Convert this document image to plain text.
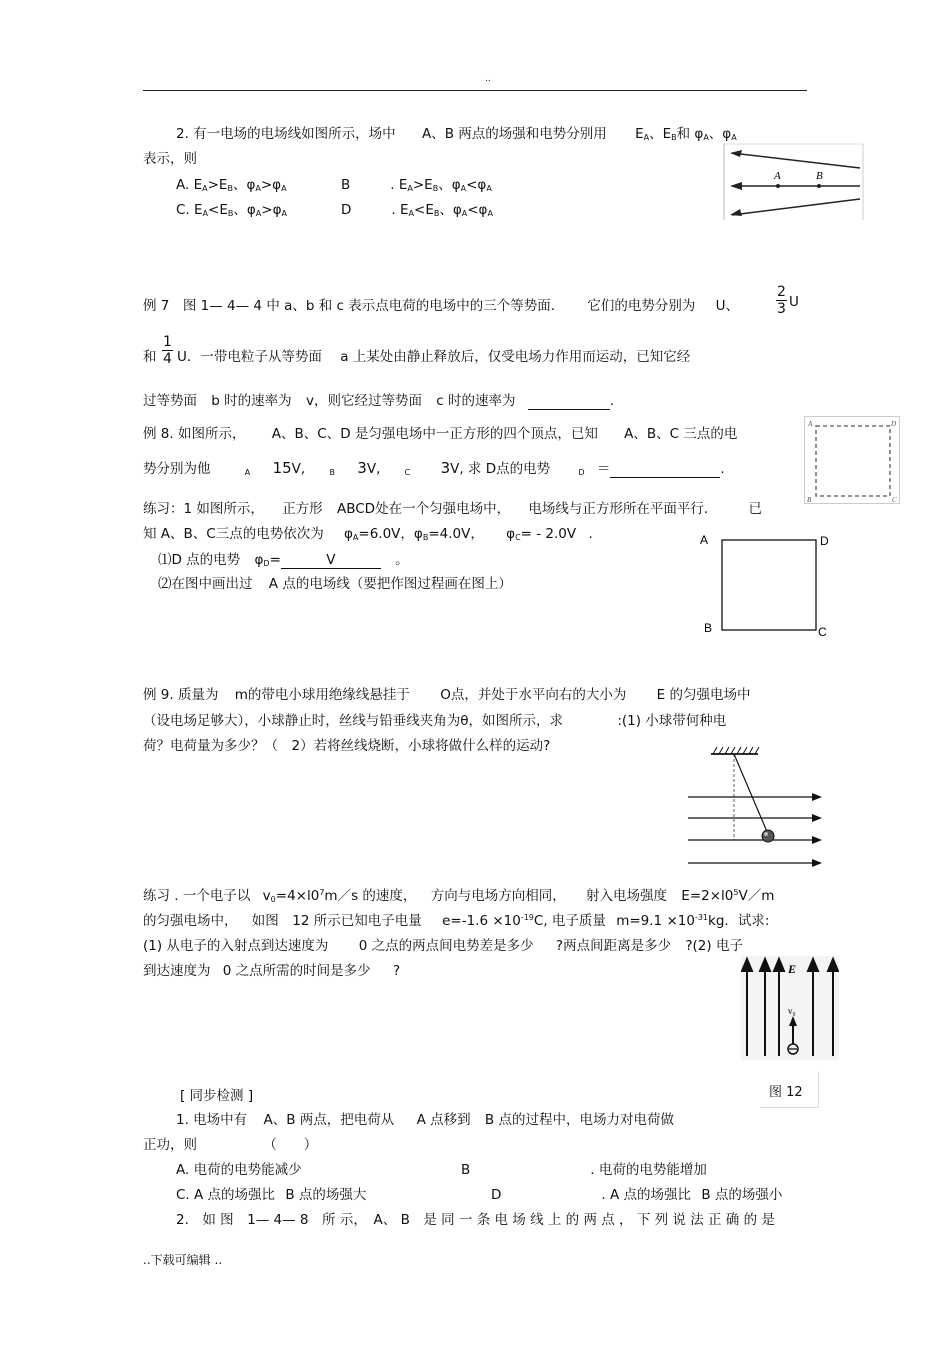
..
2. 有一电场的电场线如图所示，场中 A、B 两点的场强和电势分别用 $E_A$、$E_B$和 $\varphi_A$、$\varphi_A$
表示，则
A. $E_A>E_B$、$\varphi_A>\varphi_A$	B	. $E_A>E_B$、$\varphi_A<\varphi_A$
C. $E_A<E_B$、$\varphi_A>\varphi_A$	D	. $E_A<E_B$、$\varphi_A<\varphi_A$
A	B
例 7　图 1— 4— 4 中 a、b 和 c 表示点电荷的电场中的三个等势面. 它们的电势分别为 U、	$\frac{2}{3}$ U
和 $\frac{1}{4}$ U．一带电粒子从等势面 a 上某处由静止释放后，仅受电场力作用而运动，已知它经
过等势面 b 时的速率为 v，则它经过等势面 c 时的速率为	.
例 8. 如图所示， A、B、C、D 是匀强电场中一正方形的四个顶点，已知 A、B、C 三点的电
势分别为他	$_A$ 15V,	$_B$ 3V,	$_C$ 3V, 求 D点的电势	$_D$ ＝	.
A	D
B	C
练习：1 如图所示， 正方形 ABCD处在一个匀强电场中， 电场线与正方形所在平面平行.	已
知 A、B、C三点的电势依次为 $\varphi_A=6.0V$，$\varphi_B=4.0V$， $\varphi_C= - 2.0V$ .
⑴D 点的电势 $\varphi_D=$	V	。
⑵在图中画出过 A 点的电场线（要把作图过程画在图上）
A	D
B	C
例 9. 质量为 m的带电小球用绝缘线悬挂于 O点，并处于水平向右的大小为 E 的匀强电场中
（设电场足够大），小球静止时，丝线与铅垂线夹角为θ，如图所示，求	:(1) 小球带何种电
荷？电荷量为多少？（　2）若将丝线烧断，小球将做什么样的运动?
练习 . 一个电子以 $v_0=4\times l0^7m/s$ 的速度， 方向与电场方向相同， 射入电场强度 $E=2\times l0^5V/m$
的匀强电场中， 如图　12 所示已知电子电量 $e=-1.6 \times 10^{-19}C$, 电子质量 $m=9.1 \times 10^{-31}kg$．试求:
(1) 从电子的入射点到达速度为 0 之点的两点间电势差是多少 ?两点间距离是多少 ?(2) 电子
到达速度为 0 之点所需的时间是多少 ?	E
v₀
图 12
[ 同步检测 ]
1. 电场中有 A、B 两点，把电荷从 A 点移到 B 点的过程中，电场力对电荷做
正功，则	（　　）
A. 电荷的电势能减少	B	. 电荷的电势能增加
C. A 点的场强比 B 点的场强大	D	. A 点的场强比 B 点的场强小
2.　如 图　1— 4— 8　所 示，　A、 B　是 同 一 条 电 场 线 上 的 两 点 ， 下 列 说 法 正 确 的 是
..下载可编辑 ..
